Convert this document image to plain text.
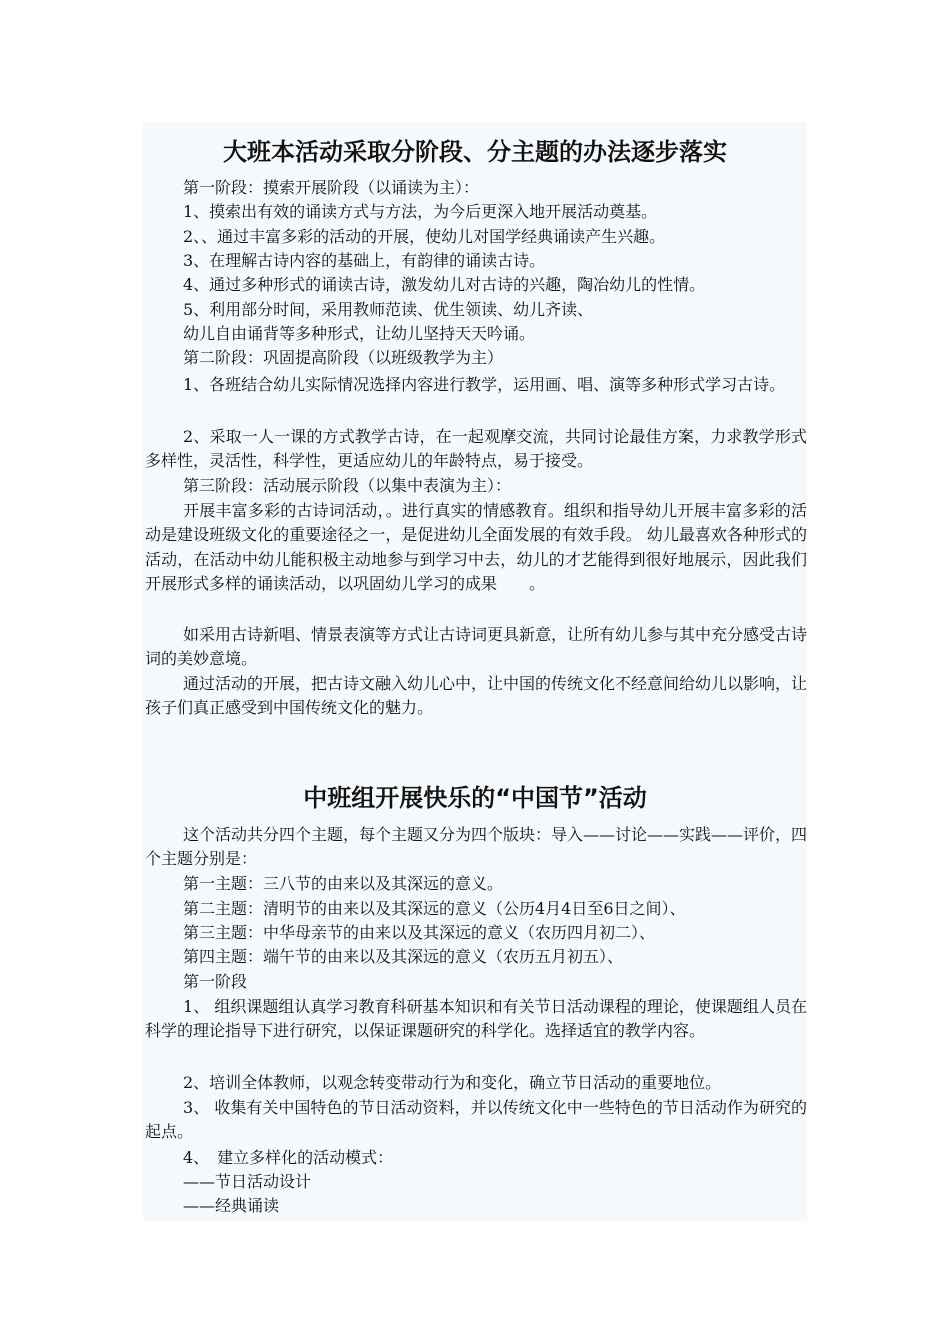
大班本活动采取分阶段、分主题的办法逐步落实

第一阶段：摸索开展阶段（以诵读为主）：

1、摸索出有效的诵读方式与方法，为今后更深入地开展活动奠基。

2、、通过丰富多彩的活动的开展，使幼儿对国学经典诵读产生兴趣。

3、在理解古诗内容的基础上，有韵律的诵读古诗。

4、通过多种形式的诵读古诗，激发幼儿对古诗的兴趣，陶冶幼儿的性情。

5、利用部分时间，采用教师范读、优生领读、幼儿齐读、

幼儿自由诵背等多种形式，让幼儿坚持天天吟诵。

第二阶段：巩固提高阶段（以班级教学为主）

1、各班结合幼儿实际情况选择内容进行教学，运用画、唱、演等多种形式学习古诗。

2、采取一人一课的方式教学古诗，在一起观摩交流，共同讨论最佳方案，力求教学形式多样性，灵活性，科学性，更适应幼儿的年龄特点，易于接受。

第三阶段：活动展示阶段（以集中表演为主）：

开展丰富多彩的古诗词活动，。进行真实的情感教育。组织和指导幼儿开展丰富多彩的活动是建设班级文化的重要途径之一，是促进幼儿全面发展的有效手段。 幼儿最喜欢各种形式的活动，在活动中幼儿能积极主动地参与到学习中去，幼儿的才艺能得到很好地展示，因此我们开展形式多样的诵读活动，以巩固幼儿学习的成果　　。

如采用古诗新唱、情景表演等方式让古诗词更具新意，让所有幼儿参与其中充分感受古诗词的美妙意境。

通过活动的开展，把古诗文融入幼儿心中，让中国的传统文化不经意间给幼儿以影响，让孩子们真正感受到中国传统文化的魅力。

中班组开展快乐的“中国节”活动

这个活动共分四个主题，每个主题又分为四个版块：导入——讨论——实践——评价，四个主题分别是：

第一主题：三八节的由来以及其深远的意义。

第二主题：清明节的由来以及其深远的意义（公历4月4日至6日之间）、

第三主题：中华母亲节的由来以及其深远的意义（农历四月初二）、

第四主题：端午节的由来以及其深远的意义（农历五月初五）、

第一阶段

1、 组织课题组认真学习教育科研基本知识和有关节日活动课程的理论，使课题组人员在科学的理论指导下进行研究，以保证课题研究的科学化。选择适宜的教学内容。

2、培训全体教师，以观念转变带动行为和变化，确立节日活动的重要地位。

3、 收集有关中国特色的节日活动资料，并以传统文化中一些特色的节日活动作为研究的起点。

4、　建立多样化的活动模式：

——节日活动设计

——经典诵读
